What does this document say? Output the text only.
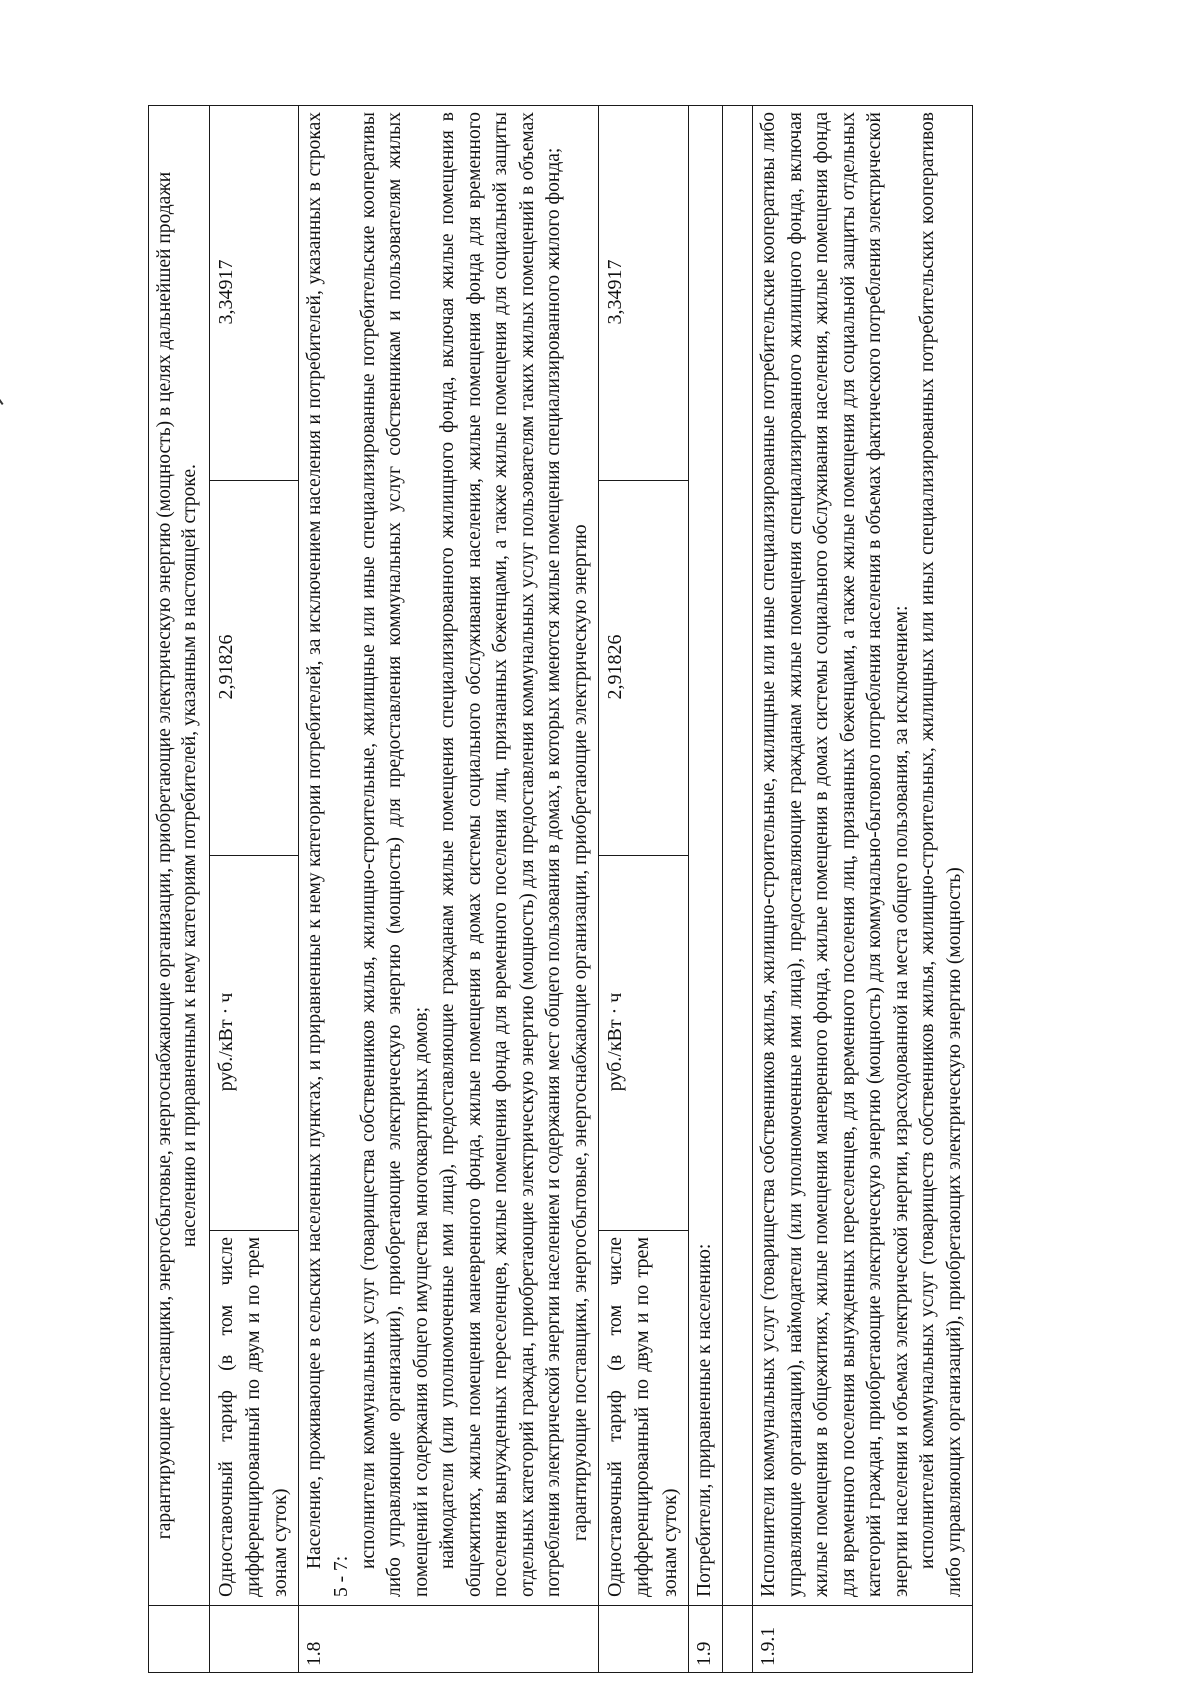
	гарантирующие поставщики, энергосбытовые, энергоснабжающие организации, приобретающие электрическую энергию (мощность) в целях дальнейшей продажи населению и приравненным к нему категориям потребителей, указанным в настоящей строке.			
	Одноставочный тариф (в том числе дифференцированный по двум и по трем зонам суток)	руб./кВт · ч	2,91826	3,34917
1.8	Население, проживающее в сельских населенных пунктах, и приравненные к нему категории потребителей, за исключением населения и потребителей, указанных в строках 5 - 7:

исполнители коммунальных услуг (товарищества собственников жилья, жилищно-строительные, жилищные или иные специализированные потребительские кооперативы либо управляющие организации), приобретающие электрическую энергию (мощность) для предоставления коммунальных услуг собственникам и пользователям жилых помещений и содержания общего имущества многоквартирных домов; наймодатели (или уполномоченные ими лица), предоставляющие гражданам жилые помещения специализированного жилищного фонда, включая жилые помещения в общежитиях, жилые помещения маневренного фонда, жилые помещения в домах системы социального обслуживания населения, жилые помещения фонда для временного поселения вынужденных переселенцев, жилые помещения фонда для временного поселения лиц, признанных беженцами, а также жилые помещения для социальной защиты отдельных категорий граждан, приобретающие электрическую энергию (мощность) для предоставления коммунальных услуг пользователям таких жилых помещений в объемах потребления электрической энергии населением и содержания мест общего пользования в домах, в которых имеются жилые помещения специализированного жилого фонда; гарантирующие поставщики, энергосбытовые, энергоснабжающие организации, приобретающие электрическую энергию			

	Одноставочный тариф (в том числе дифференцированный по двум и по трем зонам суток)	руб./кВт · ч	2,91826	3,34917
1.9	Потребители, приравненные к населению:			

1.9.1	Исполнители коммунальных услуг (товарищества собственников жилья, жилищно-строительные, жилищные или иные специализированные потребительские кооперативы либо управляющие организации), наймодатели (или уполномоченные ими лица), предоставляющие гражданам жилые помещения специализированного жилищного фонда, включая жилые помещения в общежитиях, жилые помещения маневренного фонда, жилые помещения в домах системы социального обслуживания населения, жилые помещения фонда для временного поселения вынужденных переселенцев, для временного поселения лиц, признанных беженцами, а также жилые помещения для социальной защиты отдельных категорий граждан, приобретающие электрическую энергию (мощность) для коммунально-бытового потребления населения в объемах фактического потребления электрической энергии населения и объемах электрической энергии, израсходованной на места общего пользования, за исключением: исполнителей коммунальных услуг (товариществ собственников жилья, жилищно-строительных, жилищных или иных специализированных потребительских кооперативов либо управляющих организаций), приобретающих электрическую энергию (мощность)			
